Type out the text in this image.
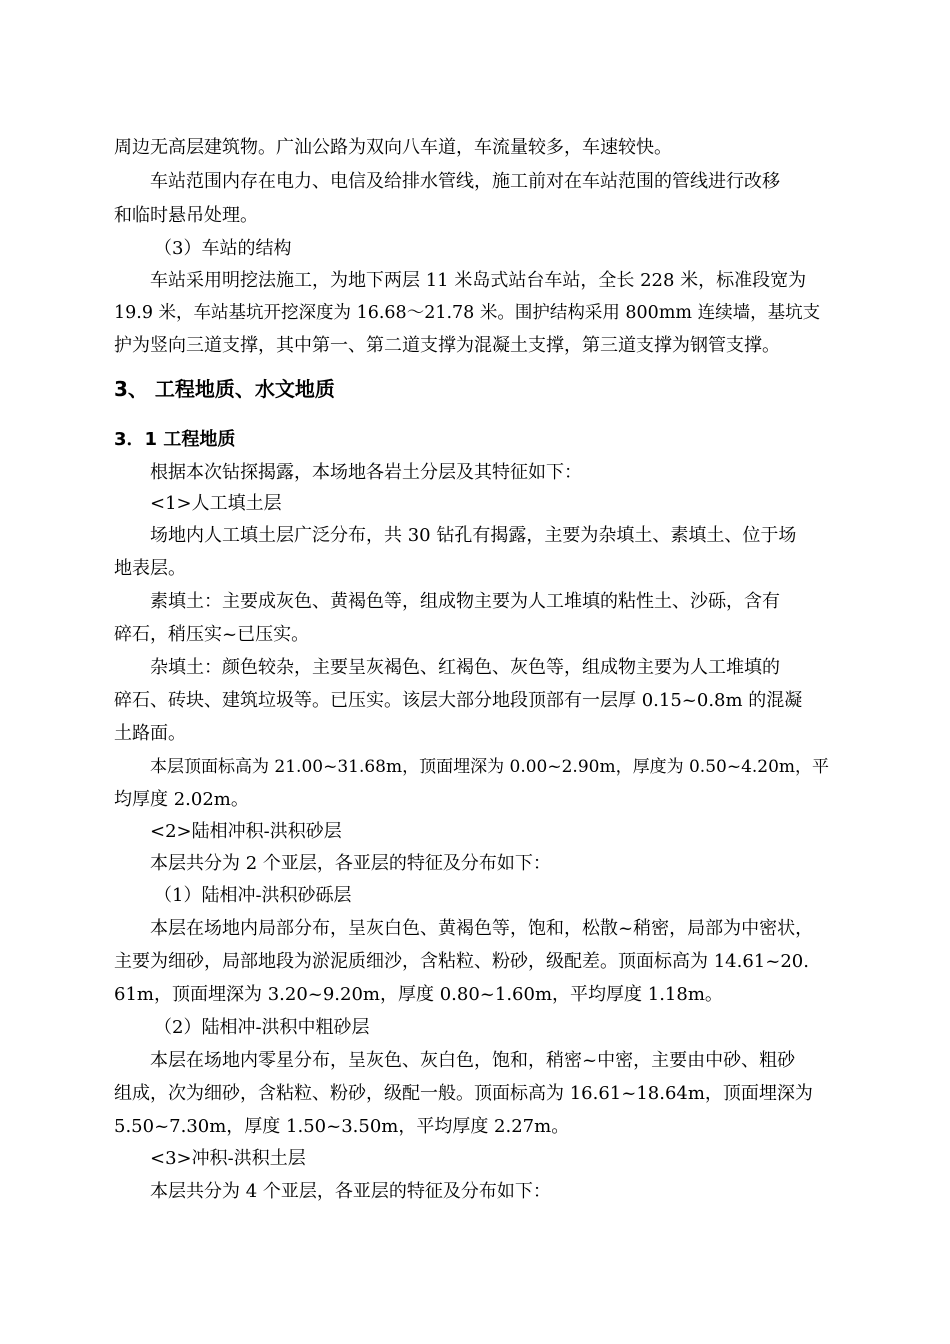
周边无高层建筑物。广汕公路为双向八车道，车流量较多，车速较快。

车站范围内存在电力、电信及给排水管线，施工前对在车站范围的管线进行改移

和临时悬吊处理。

（3）车站的结构

车站采用明挖法施工，为地下两层 11 米岛式站台车站，全长 228 米，标准段宽为

19.9 米，车站基坑开挖深度为 16.68～21.78 米。围护结构采用 800mm 连续墙，基坑支

护为竖向三道支撑，其中第一、第二道支撑为混凝土支撑，第三道支撑为钢管支撑。

3、 工程地质、水文地质
3．1 工程地质

根据本次钻探揭露，本场地各岩土分层及其特征如下：

<1>人工填土层

场地内人工填土层广泛分布，共 30 钻孔有揭露，主要为杂填土、素填土、位于场

地表层。

素填土：主要成灰色、黄褐色等，组成物主要为人工堆填的粘性土、沙砾，含有

碎石，稍压实~已压实。

杂填土：颜色较杂，主要呈灰褐色、红褐色、灰色等，组成物主要为人工堆填的

碎石、砖块、建筑垃圾等。已压实。该层大部分地段顶部有一层厚 0.15~0.8m 的混凝

土路面。

本层顶面标高为 21.00~31.68m，顶面埋深为 0.00~2.90m，厚度为 0.50~4.20m，平

均厚度 2.02m。

<2>陆相冲积-洪积砂层

本层共分为 2 个亚层，各亚层的特征及分布如下：

（1）陆相冲-洪积砂砾层

本层在场地内局部分布，呈灰白色、黄褐色等，饱和，松散~稍密，局部为中密状，

主要为细砂，局部地段为淤泥质细沙，含粘粒、粉砂，级配差。顶面标高为 14.61~20.

61m，顶面埋深为 3.20~9.20m，厚度 0.80~1.60m，平均厚度 1.18m。

（2）陆相冲-洪积中粗砂层

本层在场地内零星分布，呈灰色、灰白色，饱和，稍密~中密，主要由中砂、粗砂

组成，次为细砂，含粘粒、粉砂，级配一般。顶面标高为 16.61~18.64m，顶面埋深为

5.50~7.30m，厚度 1.50~3.50m，平均厚度 2.27m。

<3>冲积-洪积土层

本层共分为 4 个亚层，各亚层的特征及分布如下：
